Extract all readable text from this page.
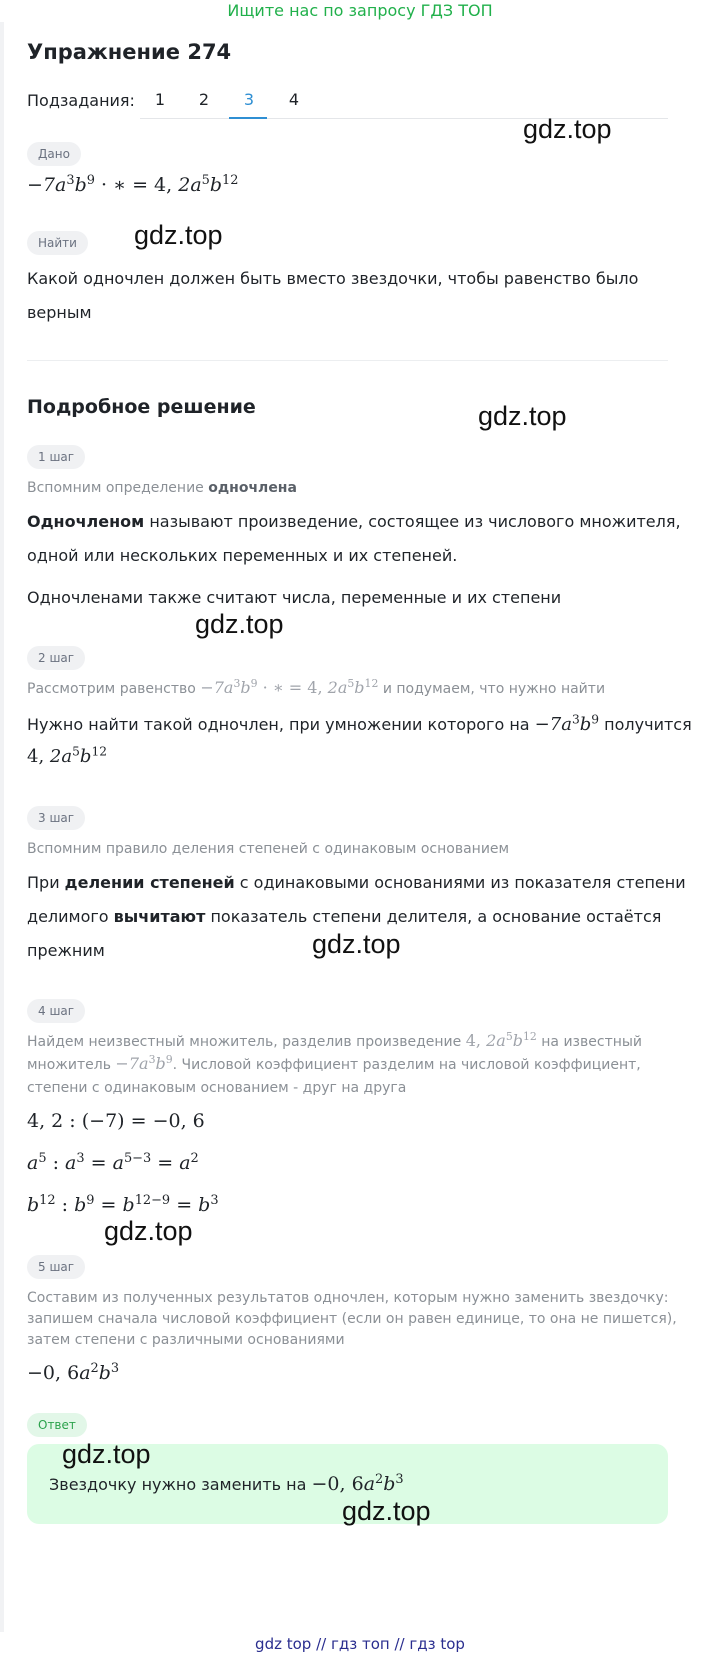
Ищите нас по запросу ГДЗ ТОП
Упражнение 274
Подзадания:	1	2	3	4
Дано
$-7a^3b^9$ · ∗ = 4, $2a^5b^{12}$
Найти
Какой одночлен должен быть вместо звездочки, чтобы равенство было
верным
Подробное решение
1 шаг
Вспомним определение одночлена
Одночленом называют произведение, состоящее из числового множителя,
одной или нескольких переменных и их степеней.
Одночленами также считают числа, переменные и их степени
2 шаг
Рассмотрим равенство $-7a^3b^9$ · ∗ = 4, $2a^5b^{12}$ и подумаем, что нужно найти
Нужно найти такой одночлен, при умножении которого на $-7a^3b^9$ получится
4, $2a^5b^{12}$
3 шаг
Вспомним правило деления степеней с одинаковым основанием
При делении степеней с одинаковыми основаниями из показателя степени
делимого вычитают показатель степени делителя, а основание остаётся
прежним
4 шаг
Найдем неизвестный множитель, разделив произведение 4, $2a^5b^{12}$ на известный
множитель $-7a^3b^9$. Числовой коэффициент разделим на числовой коэффициент,
степени с одинаковым основанием - друг на друга
4, 2 : (−7) = −0, 6
$a^5$ : $a^3 = a^{5-3} = a^2$
$b^{12}$ : $b^9 = b^{12-9} = b^3$
5 шаг
Составим из полученных результатов одночлен, которым нужно заменить звездочку:
запишем сначала числовой коэффициент (если он равен единице, то она не пишется),
затем степени с различными основаниями
−0, $6a^2b^3$
Ответ
Звездочку нужно заменить на −0, $6a^2b^3$
gdz.top
gdz.top
gdz.top
gdz.top
gdz.top
gdz.top
gdz.top
gdz.top
gdz top // гдз топ // гдз top
